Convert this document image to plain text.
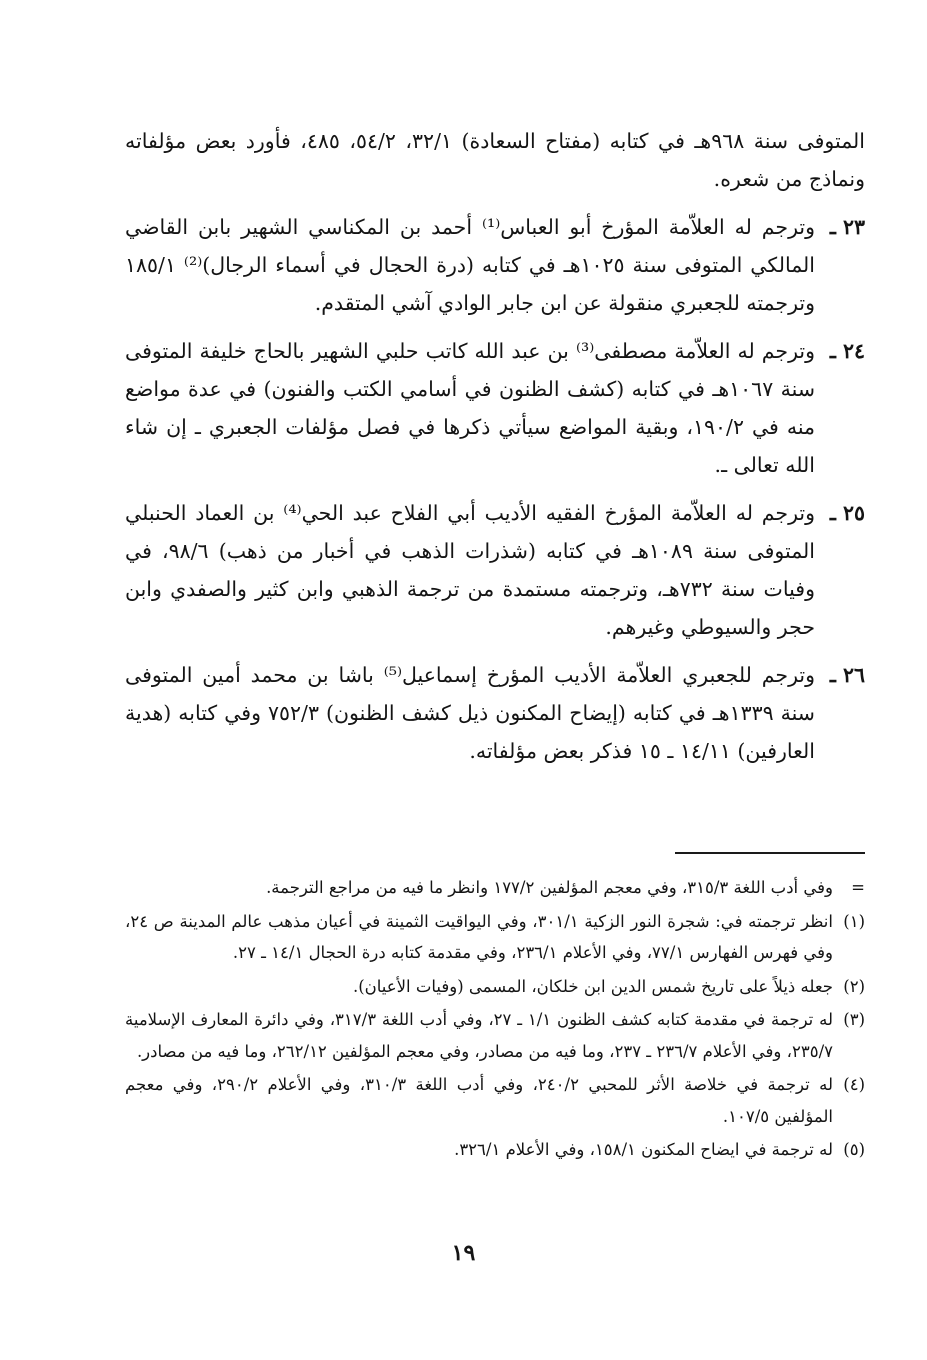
المتوفى سنة ٩٦٨هـ في كتابه (مفتاح السعادة) ٣٢/١، ٥٤/٢، ٤٨٥، فأورد بعض مؤلفاته ونماذج من شعره.
٢٣ ـ
وترجم له العلاّمة المؤرخ أبو العباس⁽¹⁾ أحمد بن المكناسي الشهير بابن القاضي المالكي المتوفى سنة ١٠٢٥هـ في كتابه (درة الحجال في أسماء الرجال)⁽²⁾ ١٨٥/١ وترجمته للجعبري منقولة عن ابن جابر الوادي آشي المتقدم.
٢٤ ـ
وترجم له العلاّمة مصطفى⁽³⁾ بن عبد الله كاتب حلبي الشهير بالحاج خليفة المتوفى سنة ١٠٦٧هـ في كتابه (كشف الظنون في أسامي الكتب والفنون) في عدة مواضع منه في ١٩٠/٢، وبقية المواضع سيأتي ذكرها في فصل مؤلفات الجعبري ـ إن شاء الله تعالى ـ.
٢٥ ـ
وترجم له العلاّمة المؤرخ الفقيه الأديب أبي الفلاح عبد الحي⁽⁴⁾ بن العماد الحنبلي المتوفى سنة ١٠٨٩هـ في كتابه (شذرات الذهب في أخبار من ذهب) ٩٨/٦، في وفيات سنة ٧٣٢هـ، وترجمته مستمدة من ترجمة الذهبي وابن كثير والصفدي وابن حجر والسيوطي وغيرهم.
٢٦ ـ
وترجم للجعبري العلاّمة الأديب المؤرخ إسماعيل⁽⁵⁾ باشا بن محمد أمين المتوفى سنة ١٣٣٩هـ في كتابه (إيضاح المكنون ذيل كشف الظنون) ٧٥٢/٣ وفي كتابه (هدية العارفين) ١٤/١١ ـ ١٥ فذكر بعض مؤلفاته.
=
وفي أدب اللغة ٣١٥/٣، وفي معجم المؤلفين ١٧٧/٢ وانظر ما فيه من مراجع الترجمة.
(١)
انظر ترجمته في: شجرة النور الزكية ٣٠١/١، وفي اليواقيت الثمينة في أعيان مذهب عالم المدينة ص ٢٤، وفي فهرس الفهارس ٧٧/١، وفي الأعلام ٢٣٦/١، وفي مقدمة كتابه درة الحجال ١٤/١ ـ ٢٧.
(٢)
جعله ذيلاً على تاريخ شمس الدين ابن خلكان، المسمى (وفيات الأعيان).
(٣)
له ترجمة في مقدمة كتابه كشف الظنون ١/١ ـ ٢٧، وفي أدب اللغة ٣١٧/٣، وفي دائرة المعارف الإسلامية ٢٣٥/٧، وفي الأعلام ٢٣٦/٧ ـ ٢٣٧، وما فيه من مصادر، وفي معجم المؤلفين ٢٦٢/١٢، وما فيه من مصادر.
(٤)
له ترجمة في خلاصة الأثر للمحبي ٢٤٠/٢، وفي أدب اللغة ٣١٠/٣، وفي الأعلام ٢٩٠/٢، وفي معجم المؤلفين ١٠٧/٥.
(٥)
له ترجمة في ايضاح المكنون ١٥٨/١، وفي الأعلام ٣٢٦/١.
١٩
